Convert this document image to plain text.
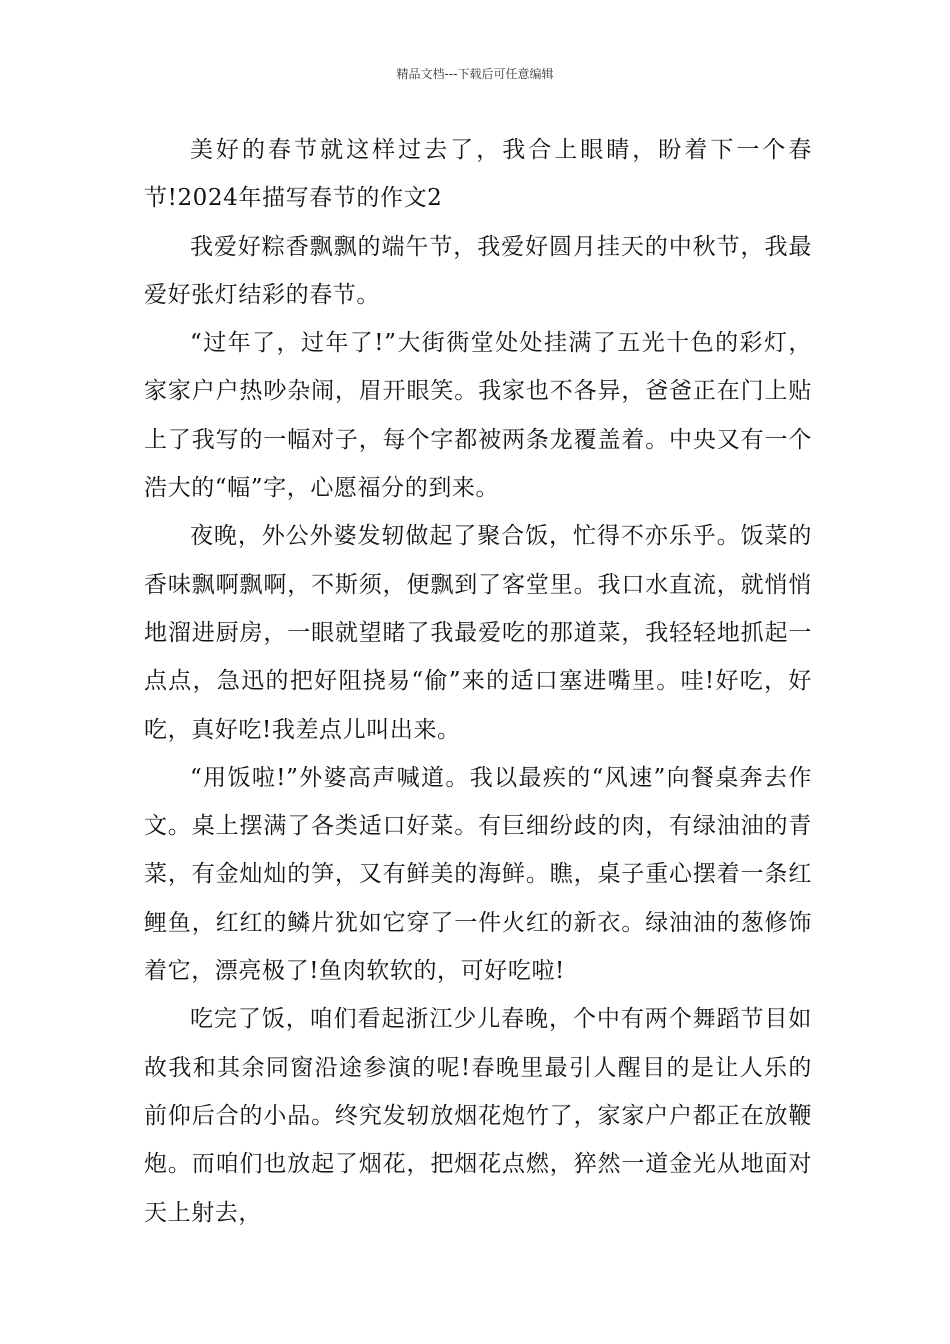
精品文档---下载后可任意编辑

美好的春节就这样过去了，我合上眼睛，盼着下一个春节!2024年描写春节的作文2

我爱好粽香飘飘的端午节，我爱好圆月挂天的中秋节，我最爱好张灯结彩的春节。

“过年了，过年了!”大街衖堂处处挂满了五光十色的彩灯，家家户户热吵杂闹，眉开眼笑。我家也不各异，爸爸正在门上贴上了我写的一幅对子，每个字都被两条龙覆盖着。中央又有一个浩大的“幅”字，心愿福分的到来。

夜晚，外公外婆发轫做起了聚合饭，忙得不亦乐乎。饭菜的香味飘啊飘啊，不斯须，便飘到了客堂里。我口水直流，就悄悄地溜进厨房，一眼就望睹了我最爱吃的那道菜，我轻轻地抓起一点点，急迅的把好阻挠易“偷”来的适口塞进嘴里。哇!好吃，好吃，真好吃!我差点儿叫出来。

“用饭啦!”外婆高声喊道。我以最疾的“风速”向餐桌奔去作文。桌上摆满了各类适口好菜。有巨细纷歧的肉，有绿油油的青菜，有金灿灿的笋，又有鲜美的海鲜。瞧，桌子重心摆着一条红鲤鱼，红红的鳞片犹如它穿了一件火红的新衣。绿油油的葱修饰着它，漂亮极了!鱼肉软软的，可好吃啦!

吃完了饭，咱们看起浙江少儿春晚，个中有两个舞蹈节目如故我和其余同窗沿途参演的呢!春晚里最引人醒目的是让人乐的前仰后合的小品。终究发轫放烟花炮竹了，家家户户都正在放鞭炮。而咱们也放起了烟花，把烟花点燃，猝然一道金光从地面对天上射去，
